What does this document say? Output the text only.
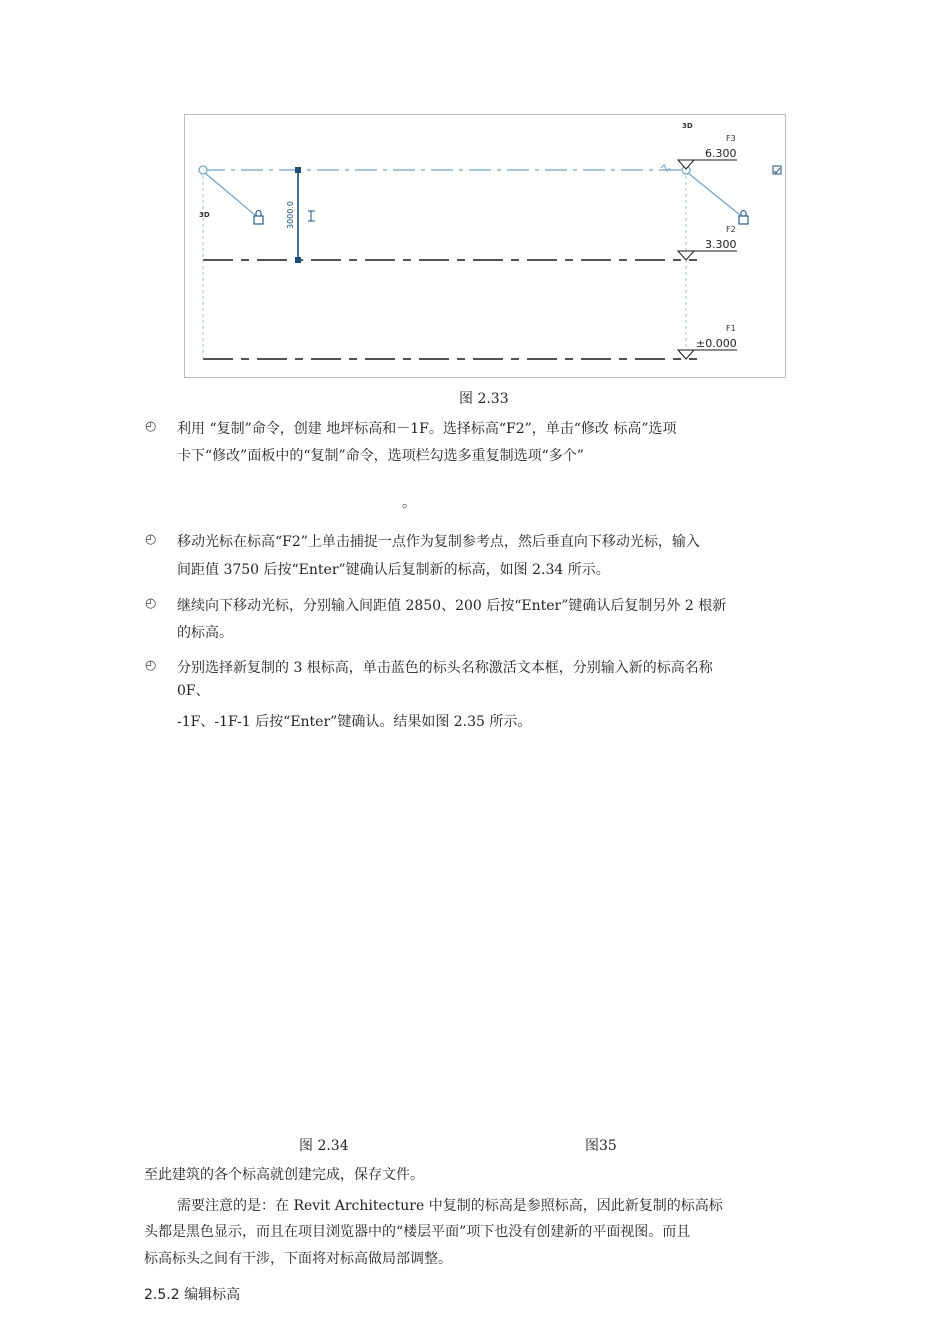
3000.0
3D
3D
F3
6.300
F2
3.300
F1
±0.000
图 2.33
◴ 利用 “复制”命令，创建 地坪标高和－1F。选择标高“F2”，单击“修改 标高”选项
卡下“修改”面板中的“复制”命令，选项栏勾选多重复制选项“多个”
。
◴ 移动光标在标高“F2”上单击捕捉一点作为复制参考点，然后垂直向下移动光标，输入
间距值 3750 后按“Enter”键确认后复制新的标高，如图 2.34 所示。
◴ 继续向下移动光标，分别输入间距值 2850、200 后按“Enter”键确认后复制另外 2 根新
的标高。
◴ 分别选择新复制的 3 根标高，单击蓝色的标头名称激活文本框，分别输入新的标高名称
0F、
-1F、-1F-1 后按“Enter”键确认。结果如图 2.35 所示。
图 2.34	图35
至此建筑的各个标高就创建完成，保存文件。
需要注意的是：在 Revit Architecture 中复制的标高是参照标高，因此新复制的标高标
头都是黑色显示，而且在项目浏览器中的“楼层平面”项下也没有创建新的平面视图。而且
标高标头之间有干涉，下面将对标高做局部调整。
2.5.2 编辑标高
